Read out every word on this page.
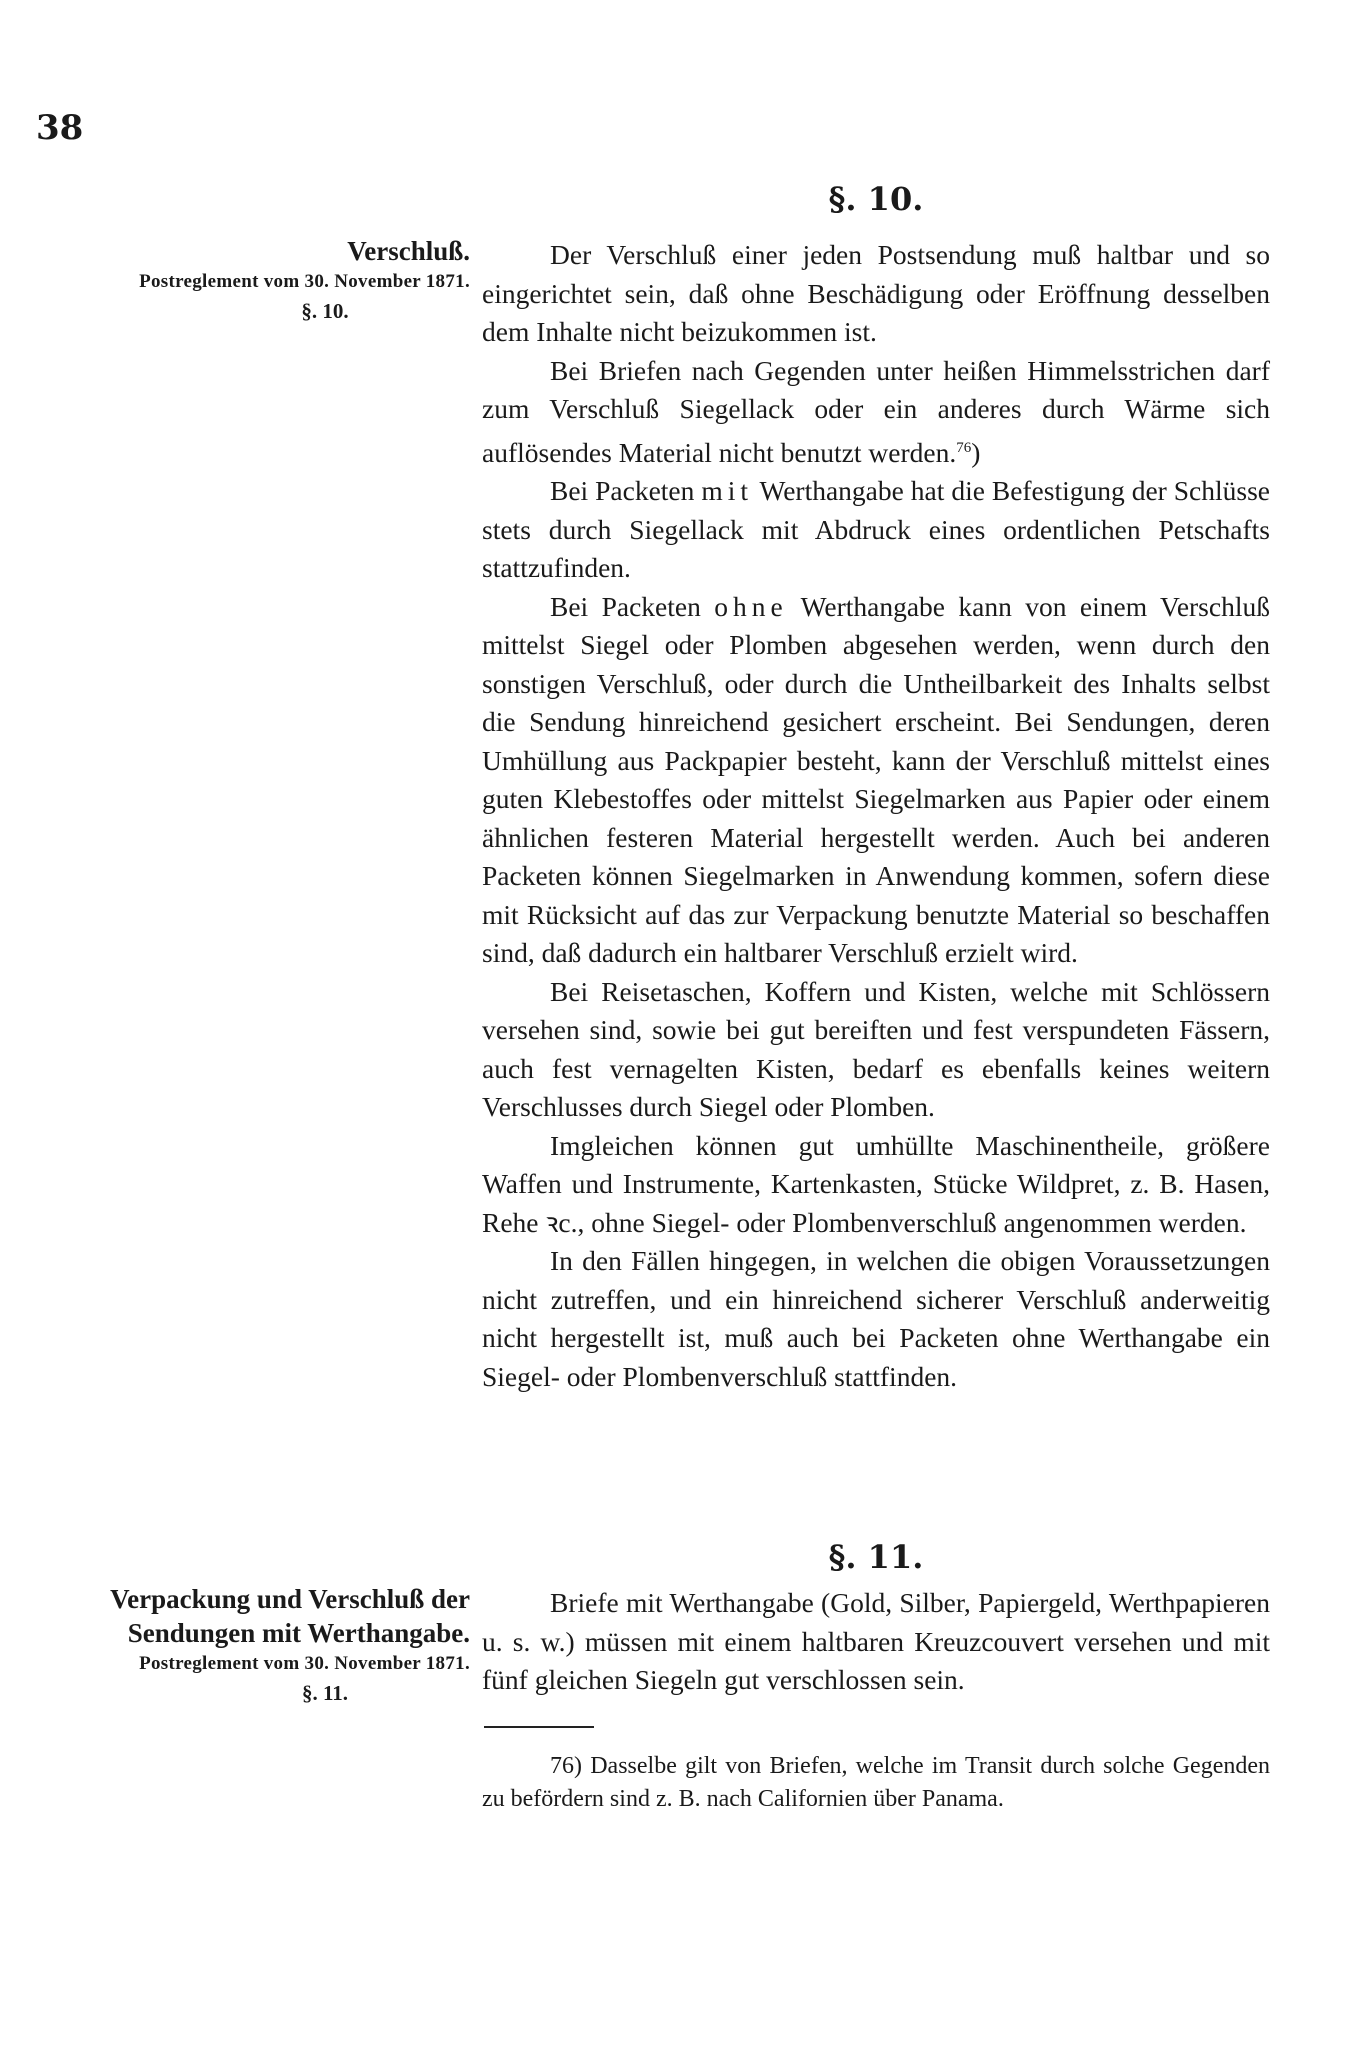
38
§. 10.
Verschluß.
Postreglement vom 30. November 1871.
§. 10.

Der Verschluß einer jeden Postsendung muß haltbar und so eingerichtet sein, daß ohne Beschädigung oder Eröffnung desselben dem Inhalte nicht beizukommen ist.

Bei Briefen nach Gegenden unter heißen Himmelsstrichen darf zum Verschluß Siegellack oder ein anderes durch Wärme sich auflösendes Material nicht benutzt werden.$^{76}$)

Bei Packeten mit Werthangabe hat die Befestigung der Schlüsse stets durch Siegellack mit Abdruck eines ordentlichen Petschafts stattzufinden.

Bei Packeten ohne Werthangabe kann von einem Verschluß mittelst Siegel oder Plomben abgesehen werden, wenn durch den sonstigen Verschluß, oder durch die Untheilbarkeit des Inhalts selbst die Sendung hinreichend gesichert erscheint. Bei Sendungen, deren Umhüllung aus Packpapier besteht, kann der Verschluß mittelst eines guten Klebestoffes oder mittelst Siegelmarken aus Papier oder einem ähnlichen festeren Material hergestellt werden. Auch bei anderen Packeten können Siegelmarken in Anwendung kommen, sofern diese mit Rücksicht auf das zur Verpackung benutzte Material so beschaffen sind, daß dadurch ein haltbarer Verschluß erzielt wird.

Bei Reisetaschen, Koffern und Kisten, welche mit Schlössern versehen sind, sowie bei gut bereiften und fest verspundeten Fässern, auch fest vernagelten Kisten, bedarf es ebenfalls keines weitern Verschlusses durch Siegel oder Plomben.

Imgleichen können gut umhüllte Maschinentheile, größere Waffen und Instrumente, Kartenkasten, Stücke Wildpret, z. B. Hasen, Rehe ꝛc., ohne Siegel- oder Plombenverschluß angenommen werden.

In den Fällen hingegen, in welchen die obigen Voraussetzungen nicht zutreffen, und ein hinreichend sicherer Verschluß anderweitig nicht hergestellt ist, muß auch bei Packeten ohne Werthangabe ein Siegel- oder Plombenverschluß stattfinden.

§. 11.
Verpackung und Verschluß der Sendungen mit Werthangabe.
Postreglement vom 30. November 1871.
§. 11.

Briefe mit Werthangabe (Gold, Silber, Papiergeld, Werthpapieren u. s. w.) müssen mit einem haltbaren Kreuzcouvert versehen und mit fünf gleichen Siegeln gut verschlossen sein.

76) Dasselbe gilt von Briefen, welche im Transit durch solche Gegenden zu befördern sind z. B. nach Californien über Panama.
